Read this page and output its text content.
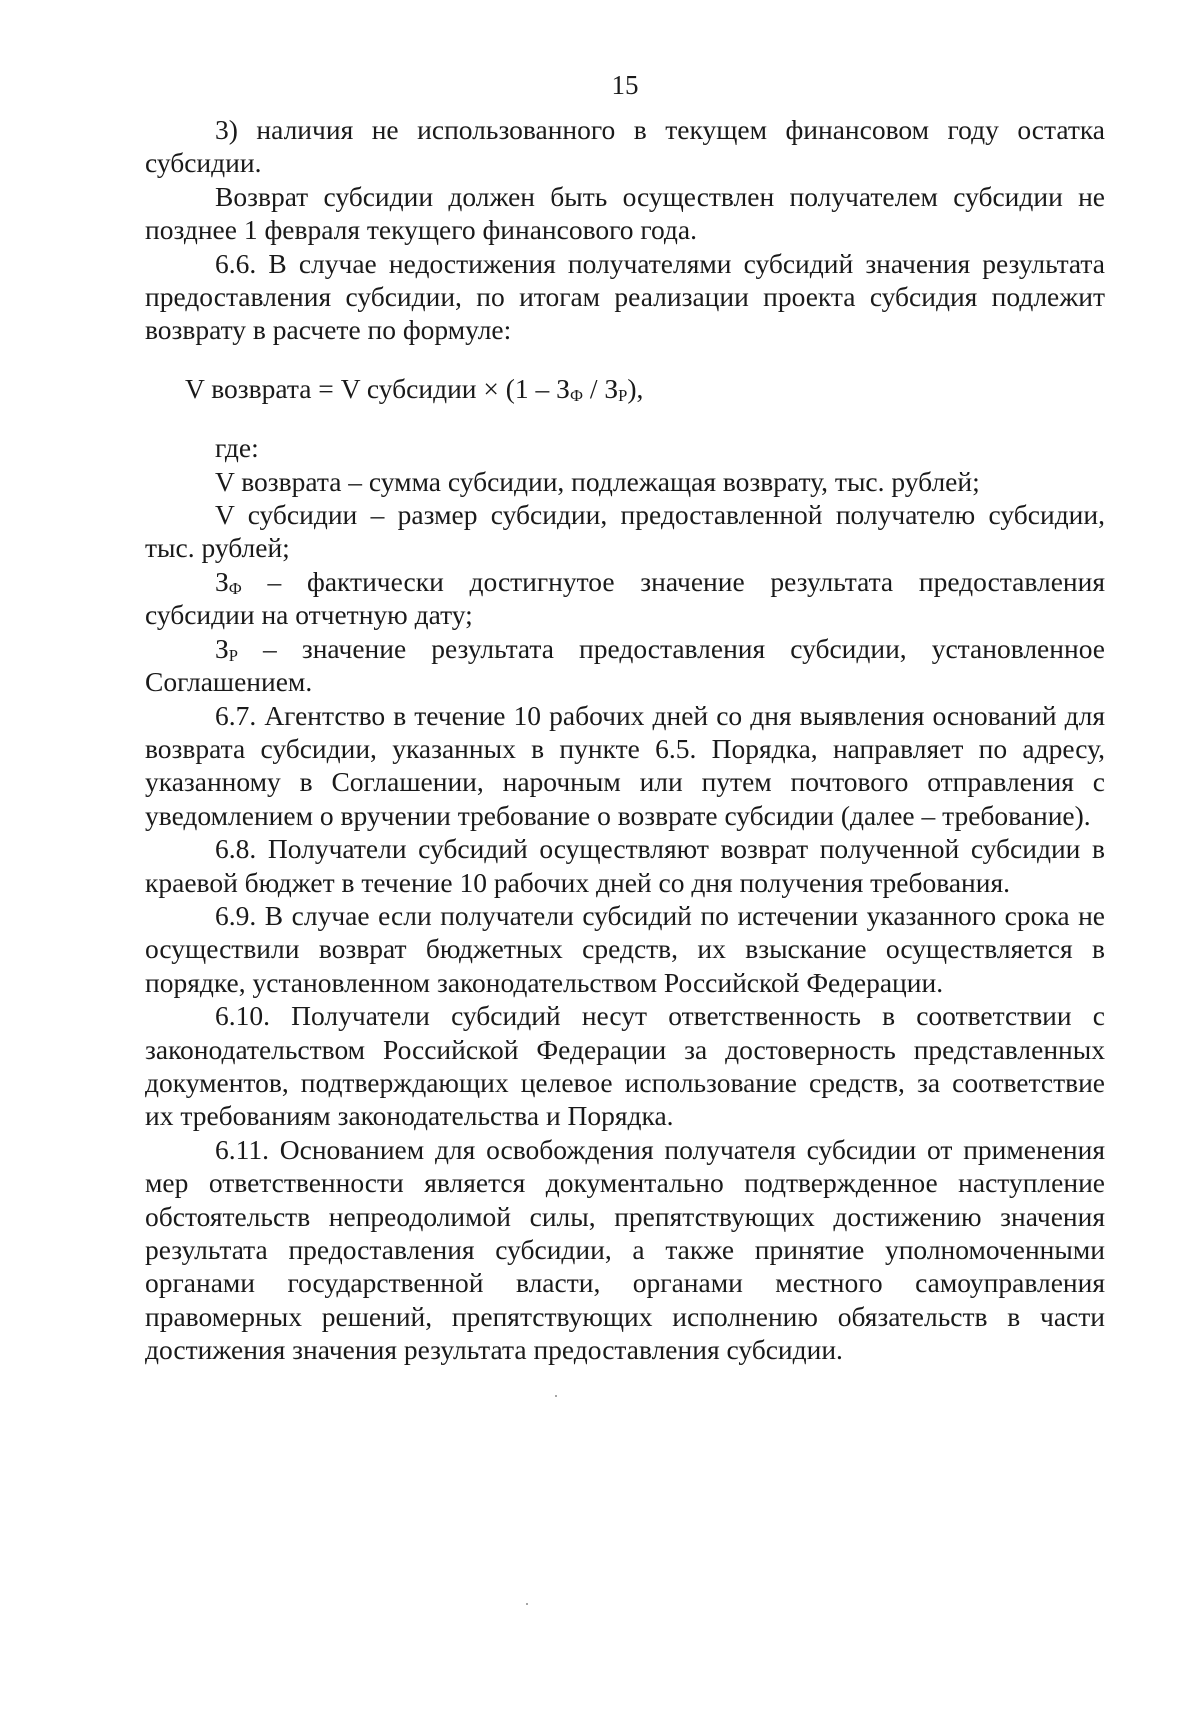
15

3) наличия не использованного в текущем финансовом году остатка субсидии.

Возврат субсидии должен быть осуществлен получателем субсидии не позднее 1 февраля текущего финансового года.

6.6. В случае недостижения получателями субсидий значения результата предоставления субсидии, по итогам реализации проекта субсидия подлежит возврату в расчете по формуле:

V возврата = V субсидии × $(1 - З_Ф / З_Р)$,

где:

V возврата – сумма субсидии, подлежащая возврату, тыс. рублей;

V субсидии – размер субсидии, предоставленной получателю субсидии, тыс. рублей;

$З_Ф$ – фактически достигнутое значение результата предоставления субсидии на отчетную дату;

$З_Р$ – значение результата предоставления субсидии, установленное Соглашением.

6.7. Агентство в течение 10 рабочих дней со дня выявления оснований для возврата субсидии, указанных в пункте 6.5. Порядка, направляет по адресу, указанному в Соглашении, нарочным или путем почтового отправления с уведомлением о вручении требование о возврате субсидии (далее – требование).

6.8. Получатели субсидий осуществляют возврат полученной субсидии в краевой бюджет в течение 10 рабочих дней со дня получения требования.

6.9. В случае если получатели субсидий по истечении указанного срока не осуществили возврат бюджетных средств, их взыскание осуществляется в порядке, установленном законодательством Российской Федерации.

6.10. Получатели субсидий несут ответственность в соответствии с законодательством Российской Федерации за достоверность представленных документов, подтверждающих целевое использование средств, за соответствие их требованиям законодательства и Порядка.

6.11. Основанием для освобождения получателя субсидии от применения мер ответственности является документально подтвержденное наступление обстоятельств непреодолимой силы, препятствующих достижению значения результата предоставления субсидии, а также принятие уполномоченными органами государственной власти, органами местного самоуправления правомерных решений, препятствующих исполнению обязательств в части достижения значения результата предоставления субсидии.
